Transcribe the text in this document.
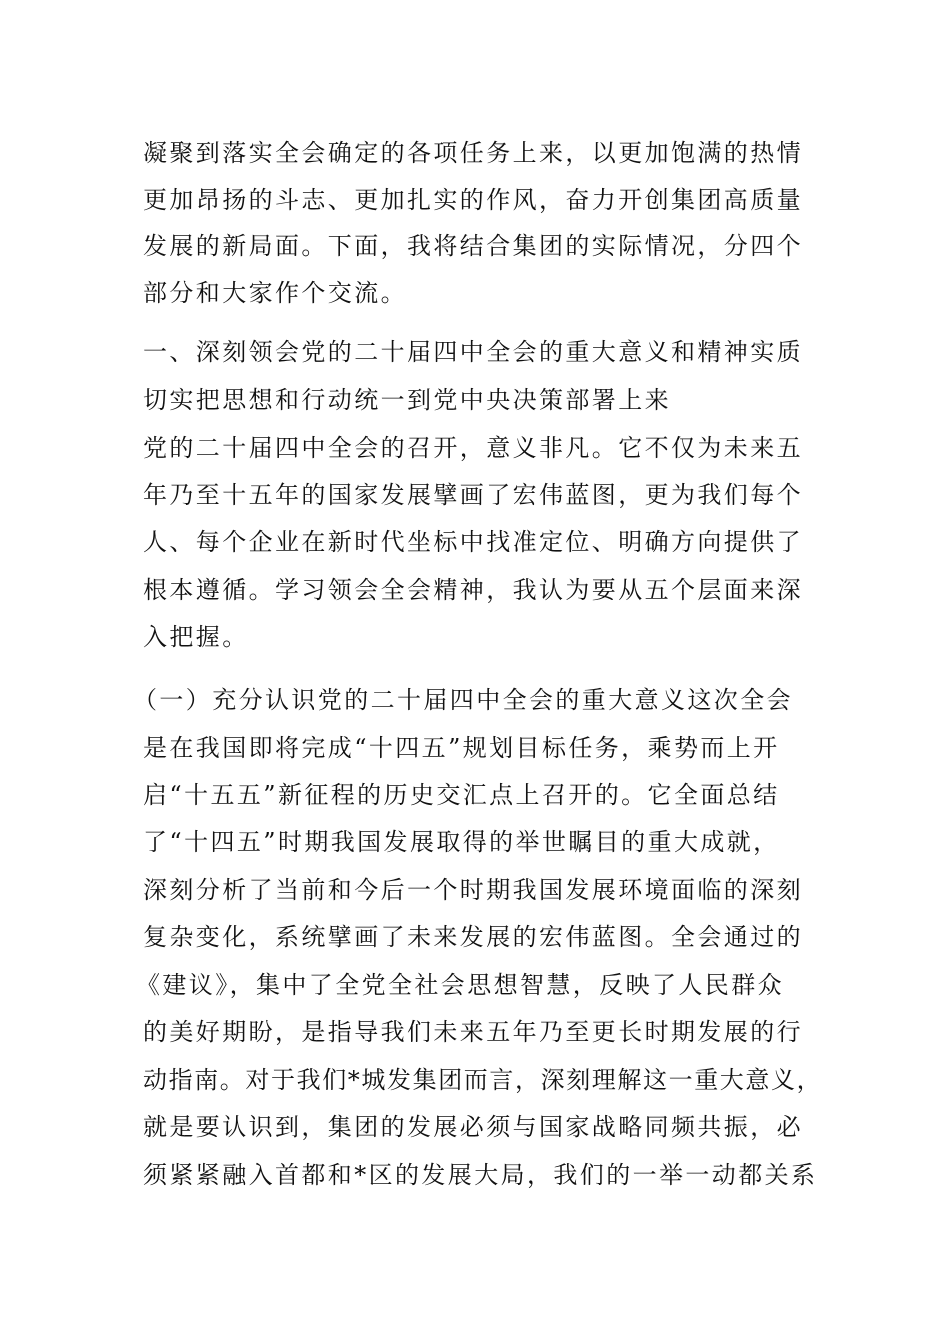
凝聚到落实全会确定的各项任务上来，以更加饱满的热情
更加昂扬的斗志、更加扎实的作风，奋力开创集团高质量
发展的新局面。下面，我将结合集团的实际情况，分四个
部分和大家作个交流。
一、深刻领会党的二十届四中全会的重大意义和精神实质
切实把思想和行动统一到党中央决策部署上来
党的二十届四中全会的召开，意义非凡。它不仅为未来五
年乃至十五年的国家发展擘画了宏伟蓝图，更为我们每个
人、每个企业在新时代坐标中找准定位、明确方向提供了
根本遵循。学习领会全会精神，我认为要从五个层面来深
入把握。
（一）充分认识党的二十届四中全会的重大意义这次全会
是在我国即将完成“十四五”规划目标任务，乘势而上开
启“十五五”新征程的历史交汇点上召开的。它全面总结
了“十四五”时期我国发展取得的举世瞩目的重大成就，
深刻分析了当前和今后一个时期我国发展环境面临的深刻
复杂变化，系统擘画了未来发展的宏伟蓝图。全会通过的
《建议》，集中了全党全社会思想智慧，反映了人民群众
的美好期盼，是指导我们未来五年乃至更长时期发展的行
动指南。对于我们*城发集团而言，深刻理解这一重大意义，
就是要认识到，集团的发展必须与国家战略同频共振，必
须紧紧融入首都和*区的发展大局，我们的一举一动都关系
